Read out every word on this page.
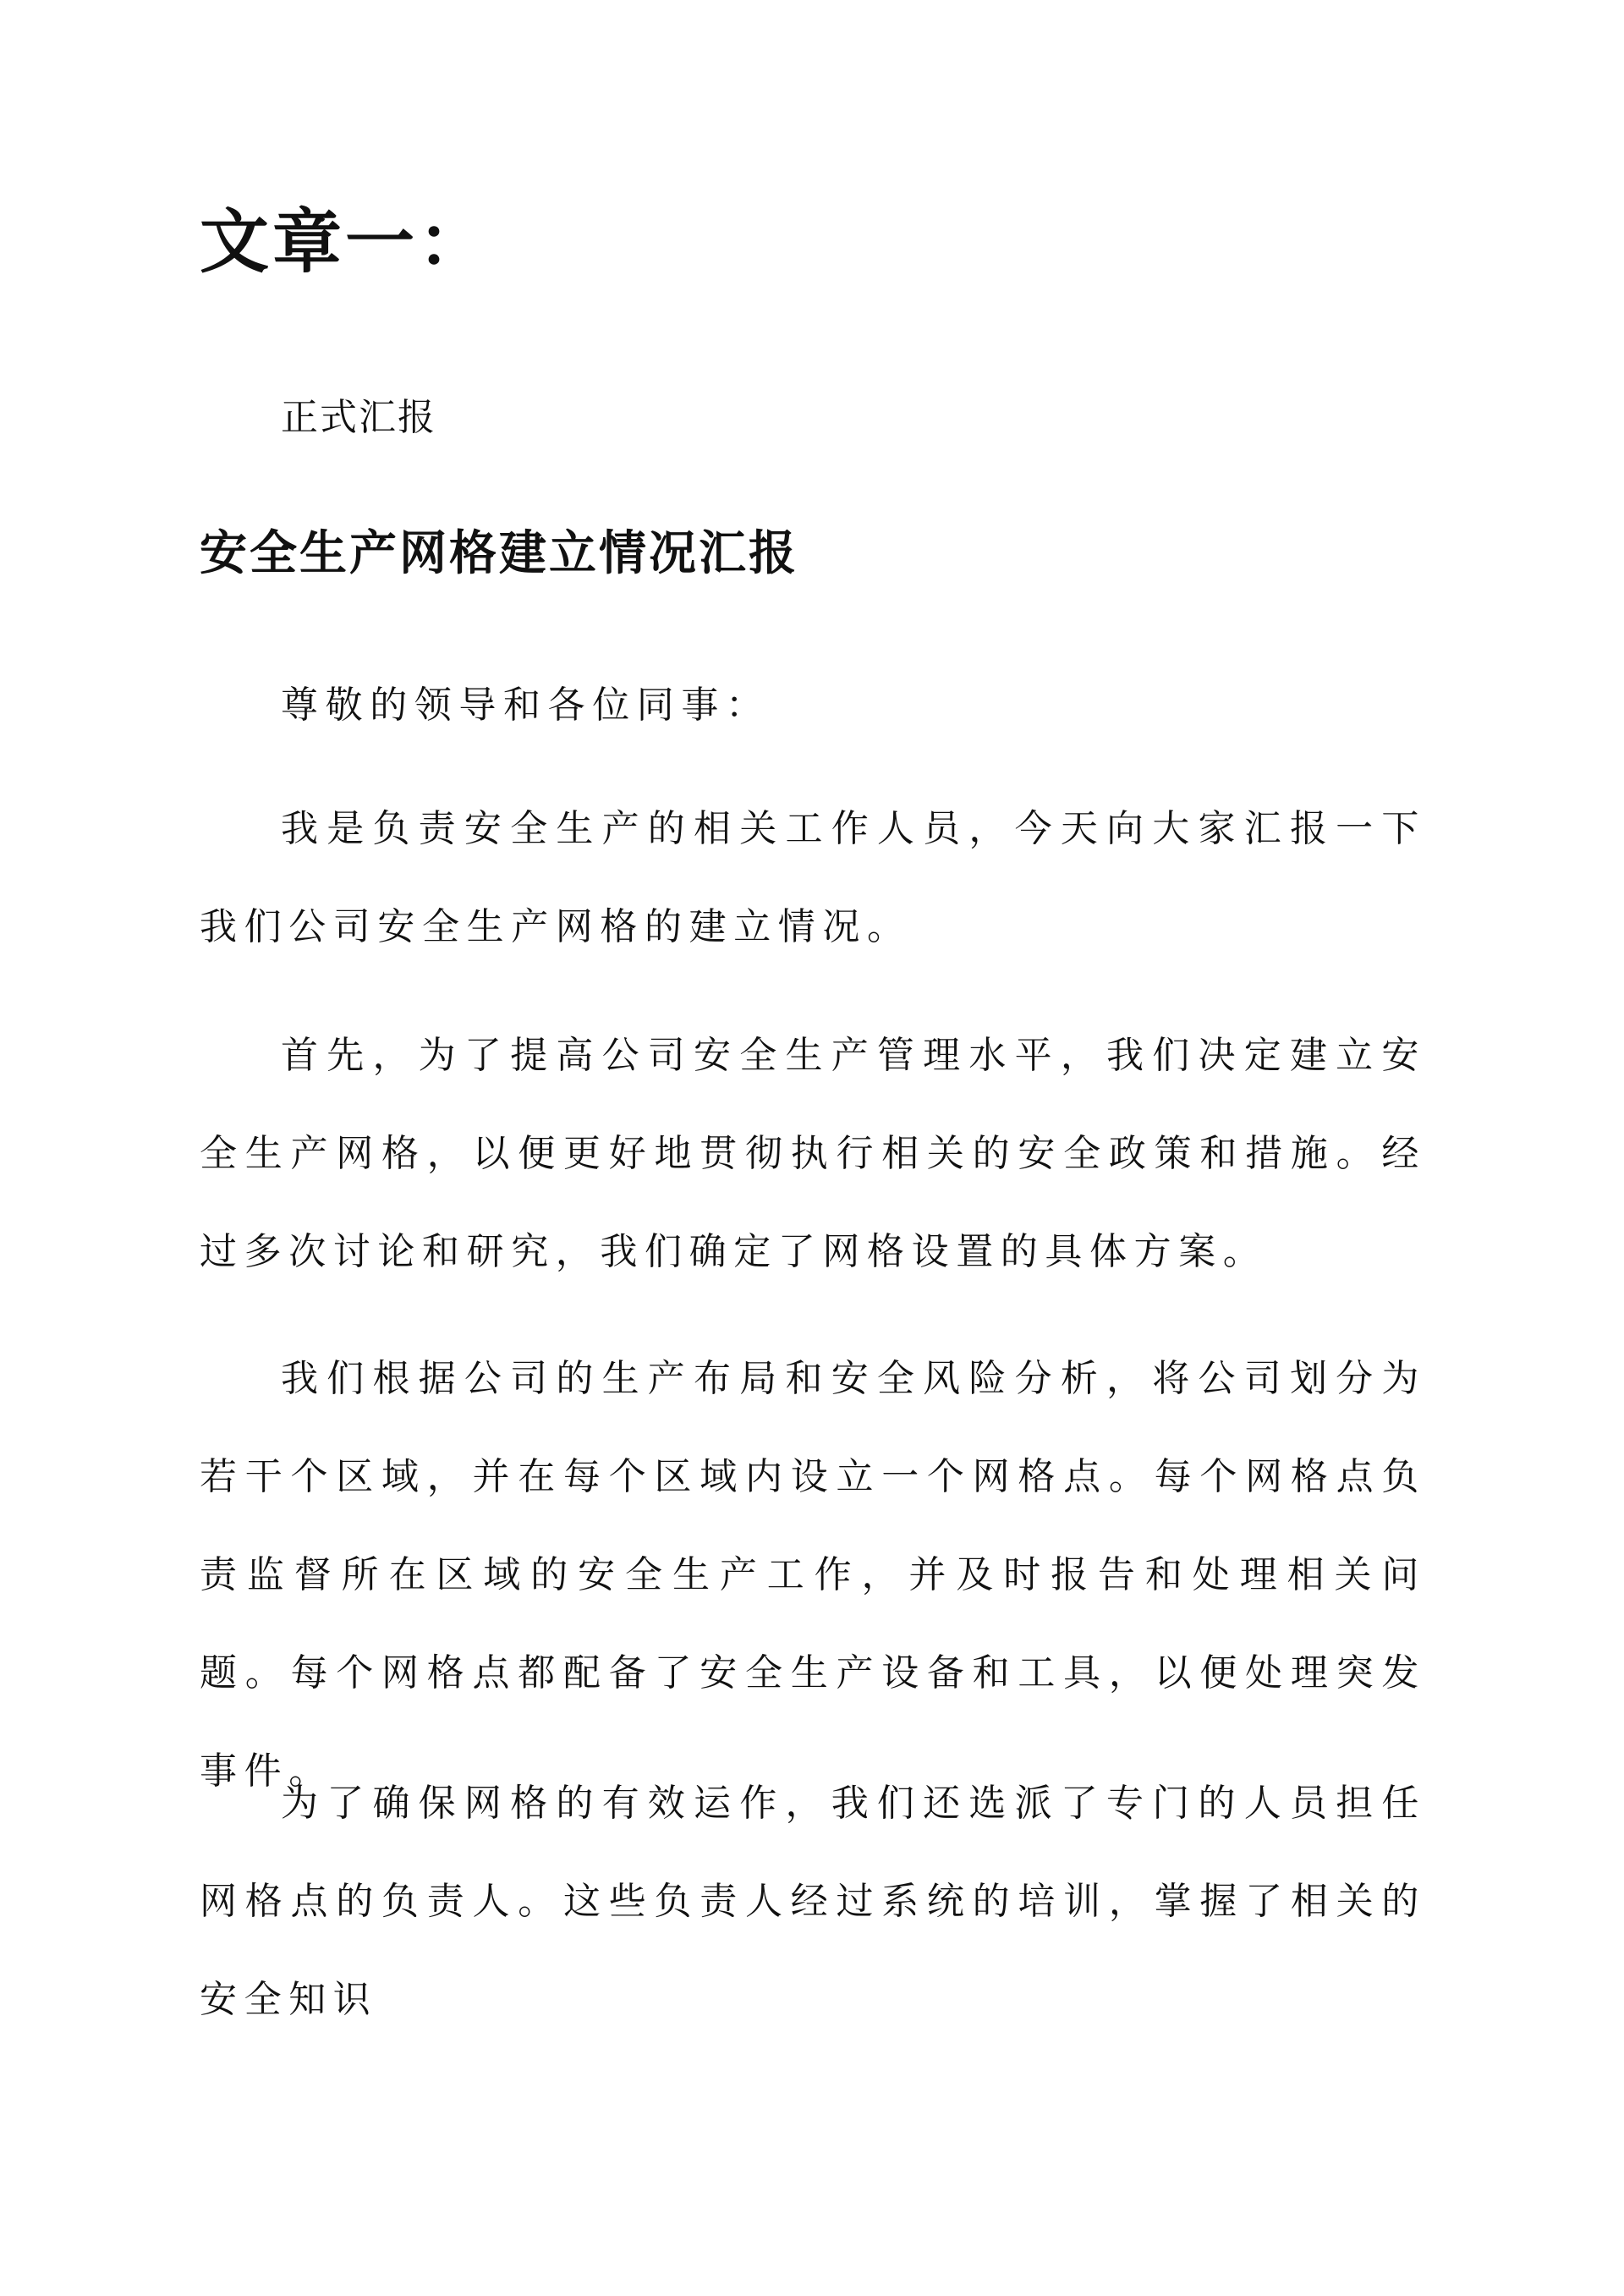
文章一：

正式汇报

安全生产网格建立情况汇报

尊敬的领导和各位同事：

我是负责安全生产的相关工作人员，今天向大家汇报一下我们公司安全生产网格的建立情况。

首先，为了提高公司安全生产管理水平，我们决定建立安全生产网格，以便更好地贯彻执行相关的安全政策和措施。经过多次讨论和研究，我们确定了网格设置的具体方案。

我们根据公司的生产布局和安全风险分析，将公司划分为若干个区域，并在每个区域内设立一个网格点。每个网格点负责监督所在区域的安全生产工作，并及时报告和处理相关问题。每个网格点都配备了安全生产设备和工具，以便处理突发事件。

为了确保网格的有效运作，我们还选派了专门的人员担任网格点的负责人。这些负责人经过系统的培训，掌握了相关的安全知识
